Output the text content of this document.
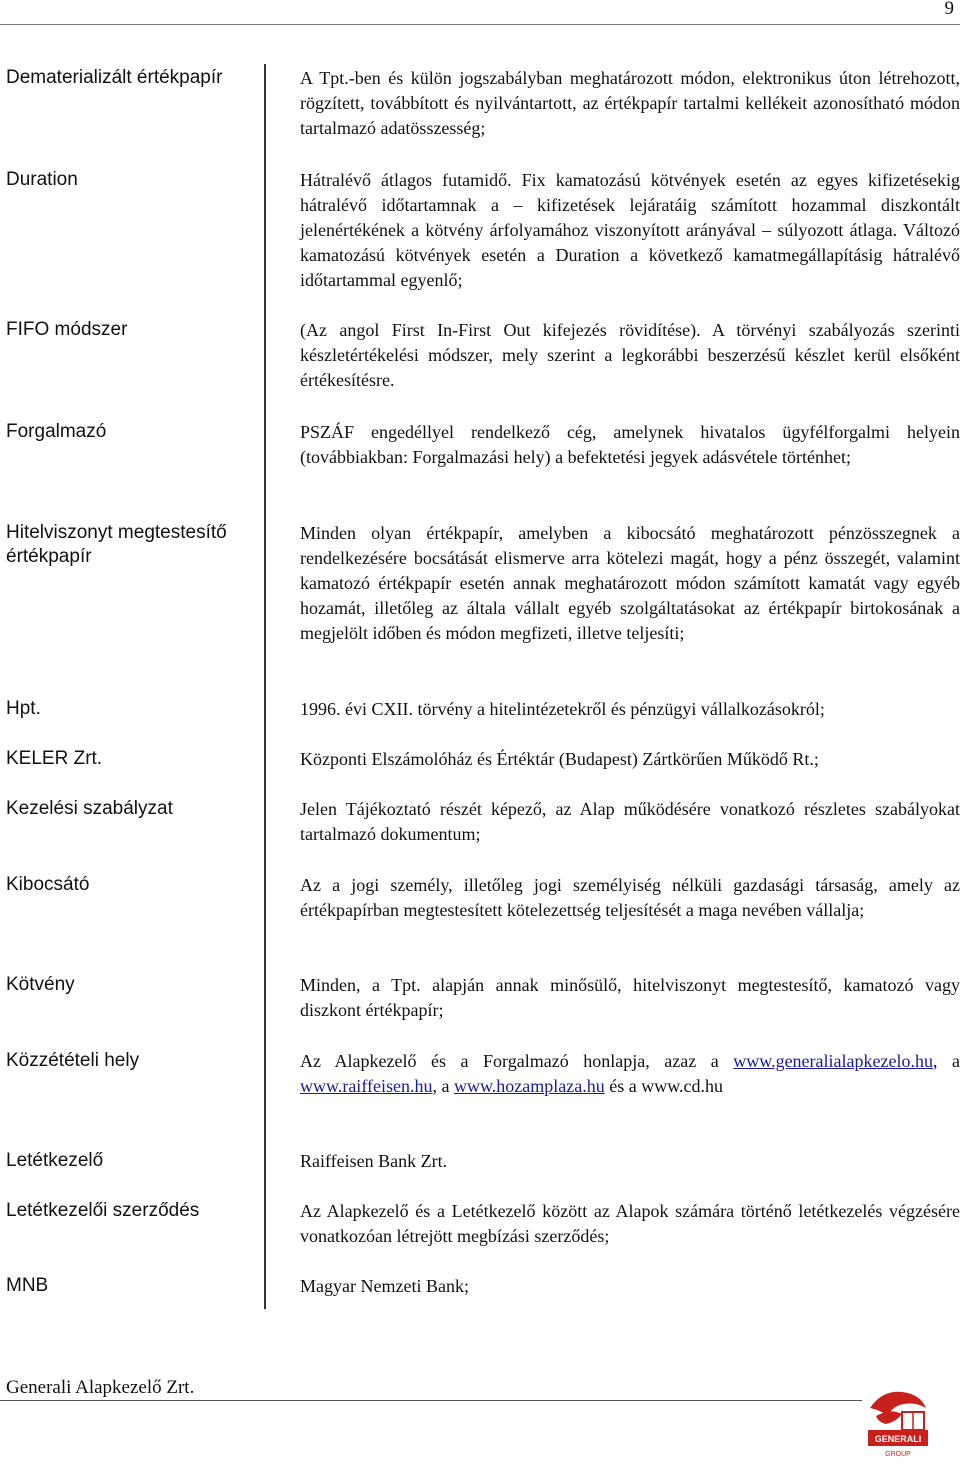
9
Dematerializált értékpapír
Duration
FIFO módszer
Forgalmazó
Hitelviszonyt megtestesítő értékpapír
Hpt.
KELER Zrt.
Kezelési szabályzat
Kibocsátó
Kötvény
Közzétételi hely
Letétkezelő
Letétkezelői szerződés
MNB
A Tpt.-ben és külön jogszabályban meghatározott módon, elektronikus úton létrehozott, rögzített, továbbított és nyilvántartott, az értékpapír tartalmi kellékeit azonosítható módon tartalmazó adatösszesség;
Hátralévő átlagos futamidő. Fix kamatozású kötvények esetén az egyes kifizetésekig hátralévő időtartamnak a – kifizetések lejáratáig számított hozammal diszkontált jelenértékének a kötvény árfolyamához viszonyított arányával – súlyozott átlaga. Változó kamatozású kötvények esetén a Duration a következő kamatmegállapításig hátralévő időtartammal egyenlő;
(Az angol First In-First Out kifejezés rövidítése). A törvényi szabályozás szerinti készletértékelési módszer, mely szerint a legkorábbi beszerzésű készlet kerül elsőként értékesítésre.
PSZÁF engedéllyel rendelkező cég, amelynek hivatalos ügyfélforgalmi helyein (továbbiakban: Forgalmazási hely) a befektetési jegyek adásvétele történhet;
Minden olyan értékpapír, amelyben a kibocsátó meghatározott pénzösszegnek a rendelkezésére bocsátását elismerve arra kötelezi magát, hogy a pénz összegét, valamint kamatozó értékpapír esetén annak meghatározott módon számított kamatát vagy egyéb hozamát, illetőleg az általa vállalt egyéb szolgáltatásokat az értékpapír birtokosának a megjelölt időben és módon megfizeti, illetve teljesíti;
1996. évi CXII. törvény a hitelintézetekről és pénzügyi vállalkozásokról;
Központi Elszámolóház és Értéktár (Budapest) Zártkörűen Működő Rt.;
Jelen Tájékoztató részét képező, az Alap működésére vonatkozó részletes szabályokat tartalmazó dokumentum;
Az a jogi személy, illetőleg jogi személyiség nélküli gazdasági társaság, amely az értékpapírban megtestesített kötelezettség teljesítését a maga nevében vállalja;
Minden, a Tpt. alapján annak minősülő, hitelviszonyt megtestesítő, kamatozó vagy diszkont értékpapír;
Az Alapkezelő és a Forgalmazó honlapja, azaz a www.generalialapkezelo.hu, a www.raiffeisen.hu, a www.hozamplaza.hu és a www.cd.hu
Raiffeisen Bank Zrt.
Az Alapkezelő és a Letétkezelő között az Alapok számára történő letétkezelés végzésére vonatkozóan létrejött megbízási szerződés;
Magyar Nemzeti Bank;
Generali Alapkezelő Zrt.
GENERALI
GROUP
